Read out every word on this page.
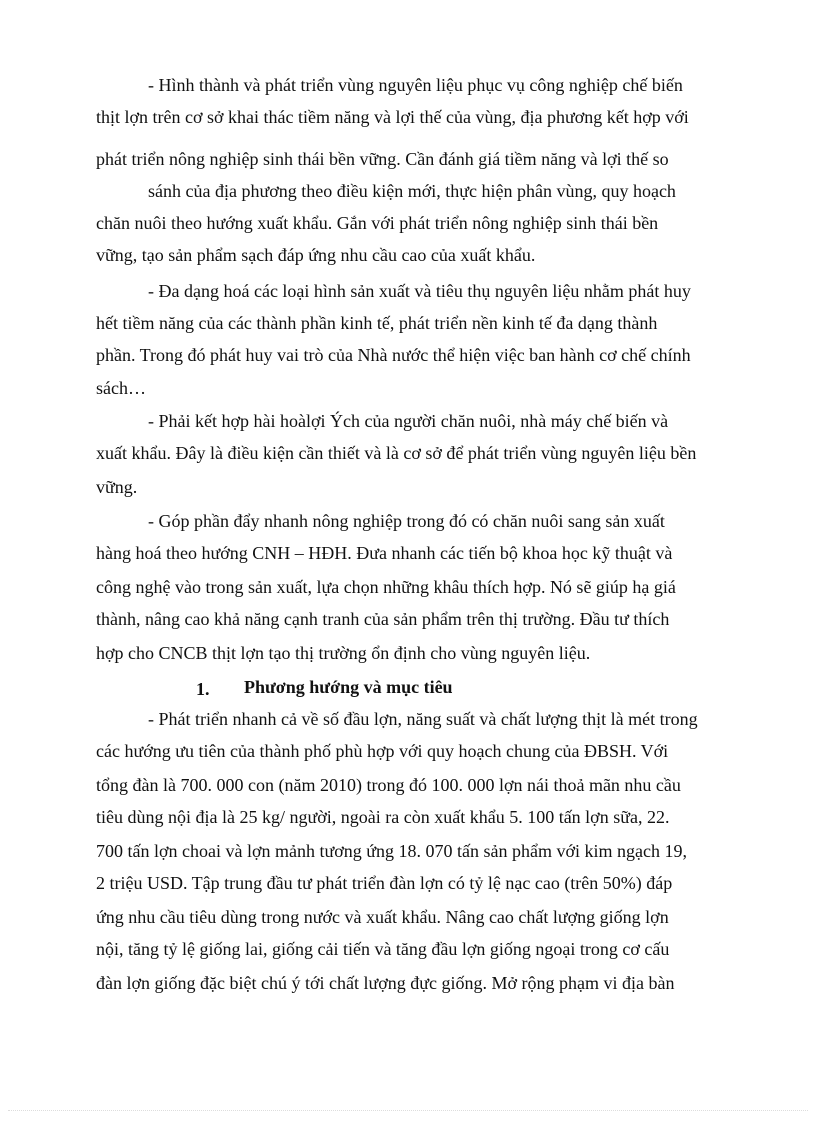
- Hình thành và phát triển vùng nguyên liệu phục vụ công nghiệp chế biến

thịt lợn trên cơ sở khai thác tiềm năng và lợi thế của vùng, địa phương kết hợp với

phát triển nông nghiệp sinh thái bền vững. Cần đánh giá tiềm năng và lợi thế so

sánh của địa phương theo điều kiện mới, thực hiện phân vùng, quy hoạch

chăn nuôi theo hướng xuất khẩu. Gắn với phát triển nông nghiệp sinh thái bền

vững, tạo sản phẩm sạch đáp ứng nhu cầu cao của xuất khẩu.

- Đa dạng hoá các loại hình sản xuất và tiêu thụ nguyên liệu nhằm phát huy

hết tiềm năng của các thành phần kinh tế, phát triển nền kinh tế đa dạng thành

phần. Trong đó phát huy vai trò của Nhà nước thể hiện việc ban hành cơ chế chính

sách…

- Phải kết hợp hài hoàlợi Ých của người chăn nuôi, nhà máy chế biến và

xuất khẩu. Đây là điều kiện cần thiết và là cơ sở để phát triển vùng nguyên liệu bền

vững.

- Góp phần đẩy nhanh nông nghiệp trong đó có chăn nuôi sang sản xuất

hàng hoá theo hướng CNH – HĐH. Đưa nhanh các tiến bộ khoa học kỹ thuật và

công nghệ vào trong sản xuất, lựa chọn những khâu thích hợp. Nó sẽ giúp hạ giá

thành, nâng cao khả năng cạnh tranh của sản phẩm trên thị trường. Đầu tư thích

hợp cho CNCB thịt lợn tạo thị trường ổn định cho vùng nguyên liệu.

1. Phương hướng và mục tiêu

- Phát triển nhanh cả về số đầu lợn, năng suất và chất lượng thịt là mét trong

các hướng ưu tiên của thành phố phù hợp với quy hoạch chung của ĐBSH. Với

tổng đàn là 700. 000 con (năm 2010) trong đó 100. 000 lợn nái thoả mãn nhu cầu

tiêu dùng nội địa là 25 kg/ người, ngoài ra còn xuất khẩu 5. 100 tấn lợn sữa, 22.

700 tấn lợn choai và lợn mảnh tương ứng 18. 070 tấn sản phẩm với kim ngạch 19,

2 triệu USD. Tập trung đầu tư phát triển đàn lợn có tỷ lệ nạc cao (trên 50%) đáp

ứng nhu cầu tiêu dùng trong nước và xuất khẩu. Nâng cao chất lượng giống lợn

nội, tăng tỷ lệ giống lai, giống cải tiến và tăng đầu lợn giống ngoại trong cơ cấu

đàn lợn giống đặc biệt chú ý tới chất lượng đực giống. Mở rộng phạm vi địa bàn
